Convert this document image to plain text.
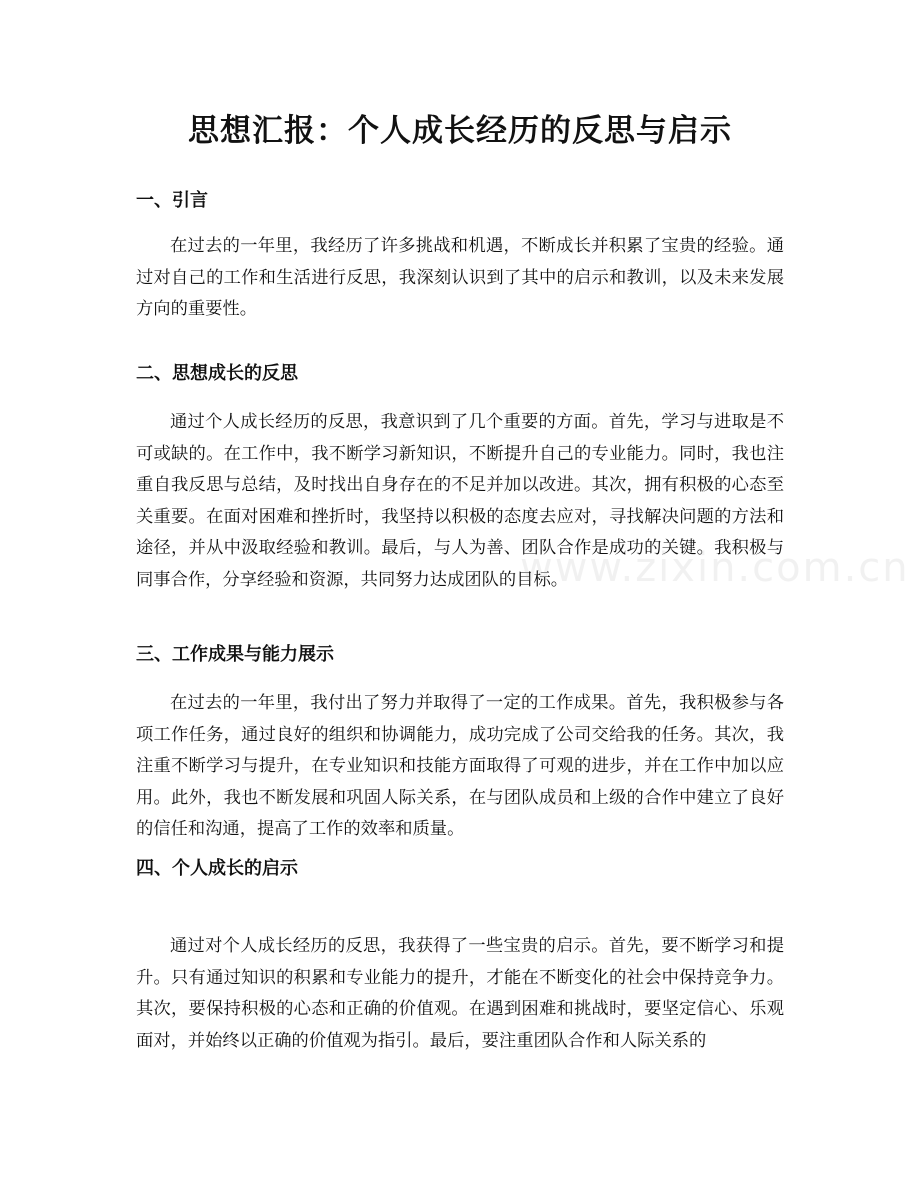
思想汇报：个人成长经历的反思与启示
一、引言

在过去的一年里，我经历了许多挑战和机遇，不断成长并积累了宝贵的经验。通过对自己的工作和生活进行反思，我深刻认识到了其中的启示和教训，以及未来发展方向的重要性。

二、思想成长的反思

通过个人成长经历的反思，我意识到了几个重要的方面。首先，学习与进取是不可或缺的。在工作中，我不断学习新知识，不断提升自己的专业能力。同时，我也注重自我反思与总结，及时找出自身存在的不足并加以改进。其次，拥有积极的心态至关重要。在面对困难和挫折时，我坚持以积极的态度去应对，寻找解决问题的方法和途径，并从中汲取经验和教训。最后，与人为善、团队合作是成功的关键。我积极与同事合作，分享经验和资源，共同努力达成团队的目标。

三、工作成果与能力展示

在过去的一年里，我付出了努力并取得了一定的工作成果。首先，我积极参与各项工作任务，通过良好的组织和协调能力，成功完成了公司交给我的任务。其次，我注重不断学习与提升，在专业知识和技能方面取得了可观的进步，并在工作中加以应用。此外，我也不断发展和巩固人际关系，在与团队成员和上级的合作中建立了良好的信任和沟通，提高了工作的效率和质量。

四、个人成长的启示

通过对个人成长经历的反思，我获得了一些宝贵的启示。首先，要不断学习和提升。只有通过知识的积累和专业能力的提升，才能在不断变化的社会中保持竞争力。其次，要保持积极的心态和正确的价值观。在遇到困难和挑战时，要坚定信心、乐观面对，并始终以正确的价值观为指引。最后，要注重团队合作和人际关系的

www.zixin.com.cn
